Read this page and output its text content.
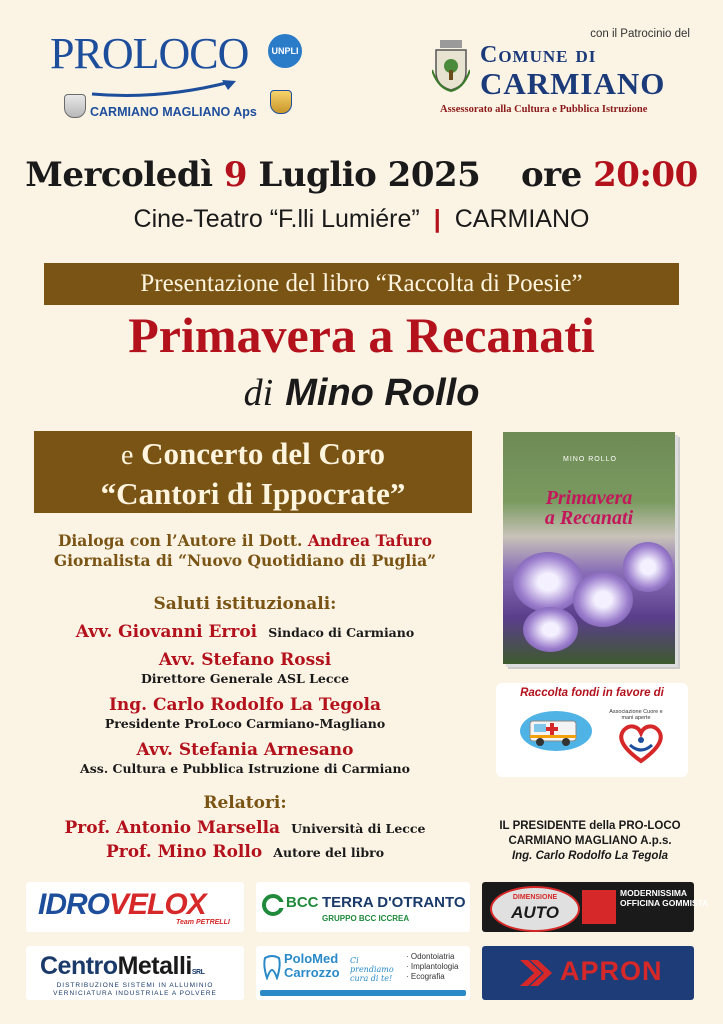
PROLOCO	UNPLI
CARMIANO MAGLIANO Aps
con il Patrocinio del
Comune di
CARMIANO
Assessorato alla Cultura e Pubblica Istruzione
Mercoledì 9 Luglio 2025 ore 20:00
Cine-Teatro “F.lli Lumiére” | CARMIANO
Presentazione del libro “Raccolta di Poesie”
Primavera a Recanati
di Mino Rollo
e Concerto del Coro
“Cantori di Ippocrate”
Dialoga con l’Autore il Dott. Andrea Tafuro
Giornalista di “Nuovo Quotidiano di Puglia”
Saluti istituzionali:
Avv. Giovanni Erroi Sindaco di Carmiano
Avv. Stefano Rossi
Direttore Generale ASL Lecce
Ing. Carlo Rodolfo La Tegola
Presidente ProLoco Carmiano-Magliano
Avv. Stefania Arnesano
Ass. Cultura e Pubblica Istruzione di Carmiano
Relatori:
Prof. Antonio Marsella Università di Lecce
Prof. Mino Rollo Autore del libro
MINO ROLLO
Primavera
a Recanati
Raccolta fondi in favore di
Associazione Cuore e mani aperte
IL PRESIDENTE della PRO-LOCO
CARMIANO MAGLIANO A.p.s.
Ing. Carlo Rodolfo La Tegola
IDROVELOX
Team PETRELLI
BCC TERRA D'OTRANTO
GRUPPO BCC ICCREA
DIMENSIONE
AUTO
MODERNISSIMA
OFFICINA GOMMISTA
CentroMetalliSRL
DISTRIBUZIONE SISTEMI IN ALLUMINIO
VERNICIATURA INDUSTRIALE A POLVERE
PoloMed
Carrozzo
Ci prendiamo cura di te!
· Odontoiatria
· Implantologia
· Ecografia	APRON
